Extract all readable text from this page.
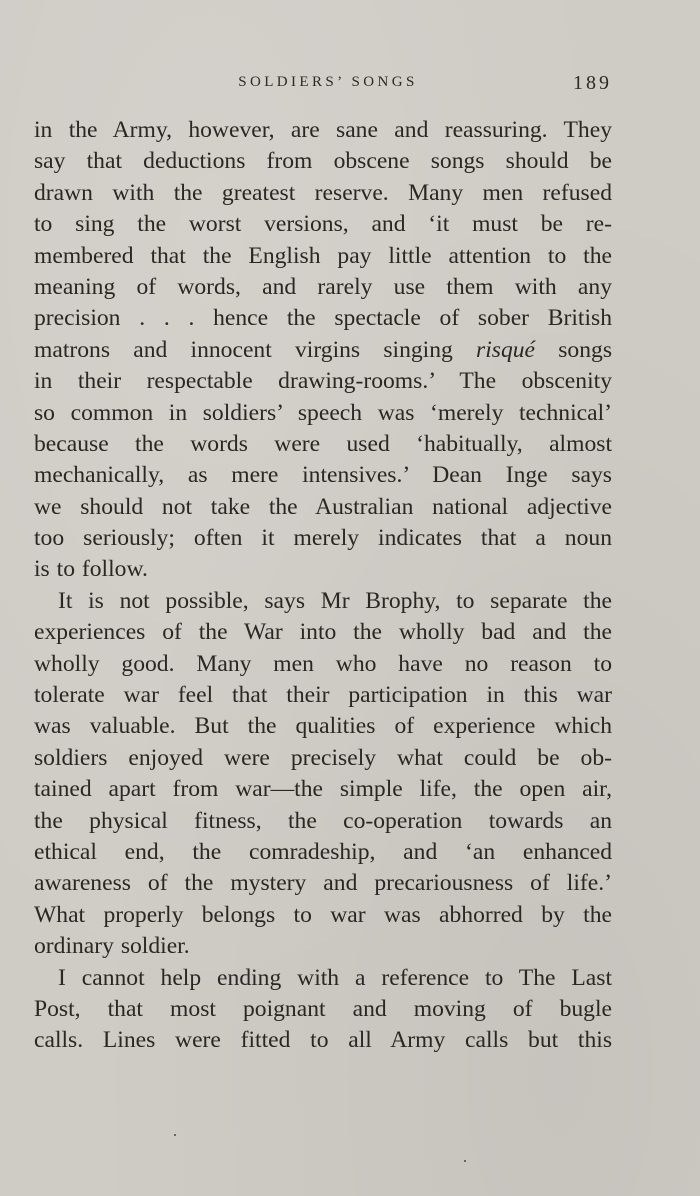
SOLDIERS’ SONGS	189
in the Army, however, are sane and reassuring. They
say that deductions from obscene songs should be
drawn with the greatest reserve. Many men refused
to sing the worst versions, and ‘it must be re-
membered that the English pay little attention to the
meaning of words, and rarely use them with any
precision . . . hence the spectacle of sober British
matrons and innocent virgins singing risqué songs
in their respectable drawing-rooms.’ The obscenity
so common in soldiers’ speech was ‘merely technical’
because the words were used ‘habitually, almost
mechanically, as mere intensives.’ Dean Inge says
we should not take the Australian national adjective
too seriously; often it merely indicates that a noun
is to follow.
It is not possible, says Mr Brophy, to separate the
experiences of the War into the wholly bad and the
wholly good. Many men who have no reason to
tolerate war feel that their participation in this war
was valuable. But the qualities of experience which
soldiers enjoyed were precisely what could be ob-
tained apart from war—the simple life, the open air,
the physical fitness, the co-operation towards an
ethical end, the comradeship, and ‘an enhanced
awareness of the mystery and precariousness of life.’
What properly belongs to war was abhorred by the
ordinary soldier.
I cannot help ending with a reference to The Last
Post, that most poignant and moving of bugle
calls. Lines were fitted to all Army calls but this
